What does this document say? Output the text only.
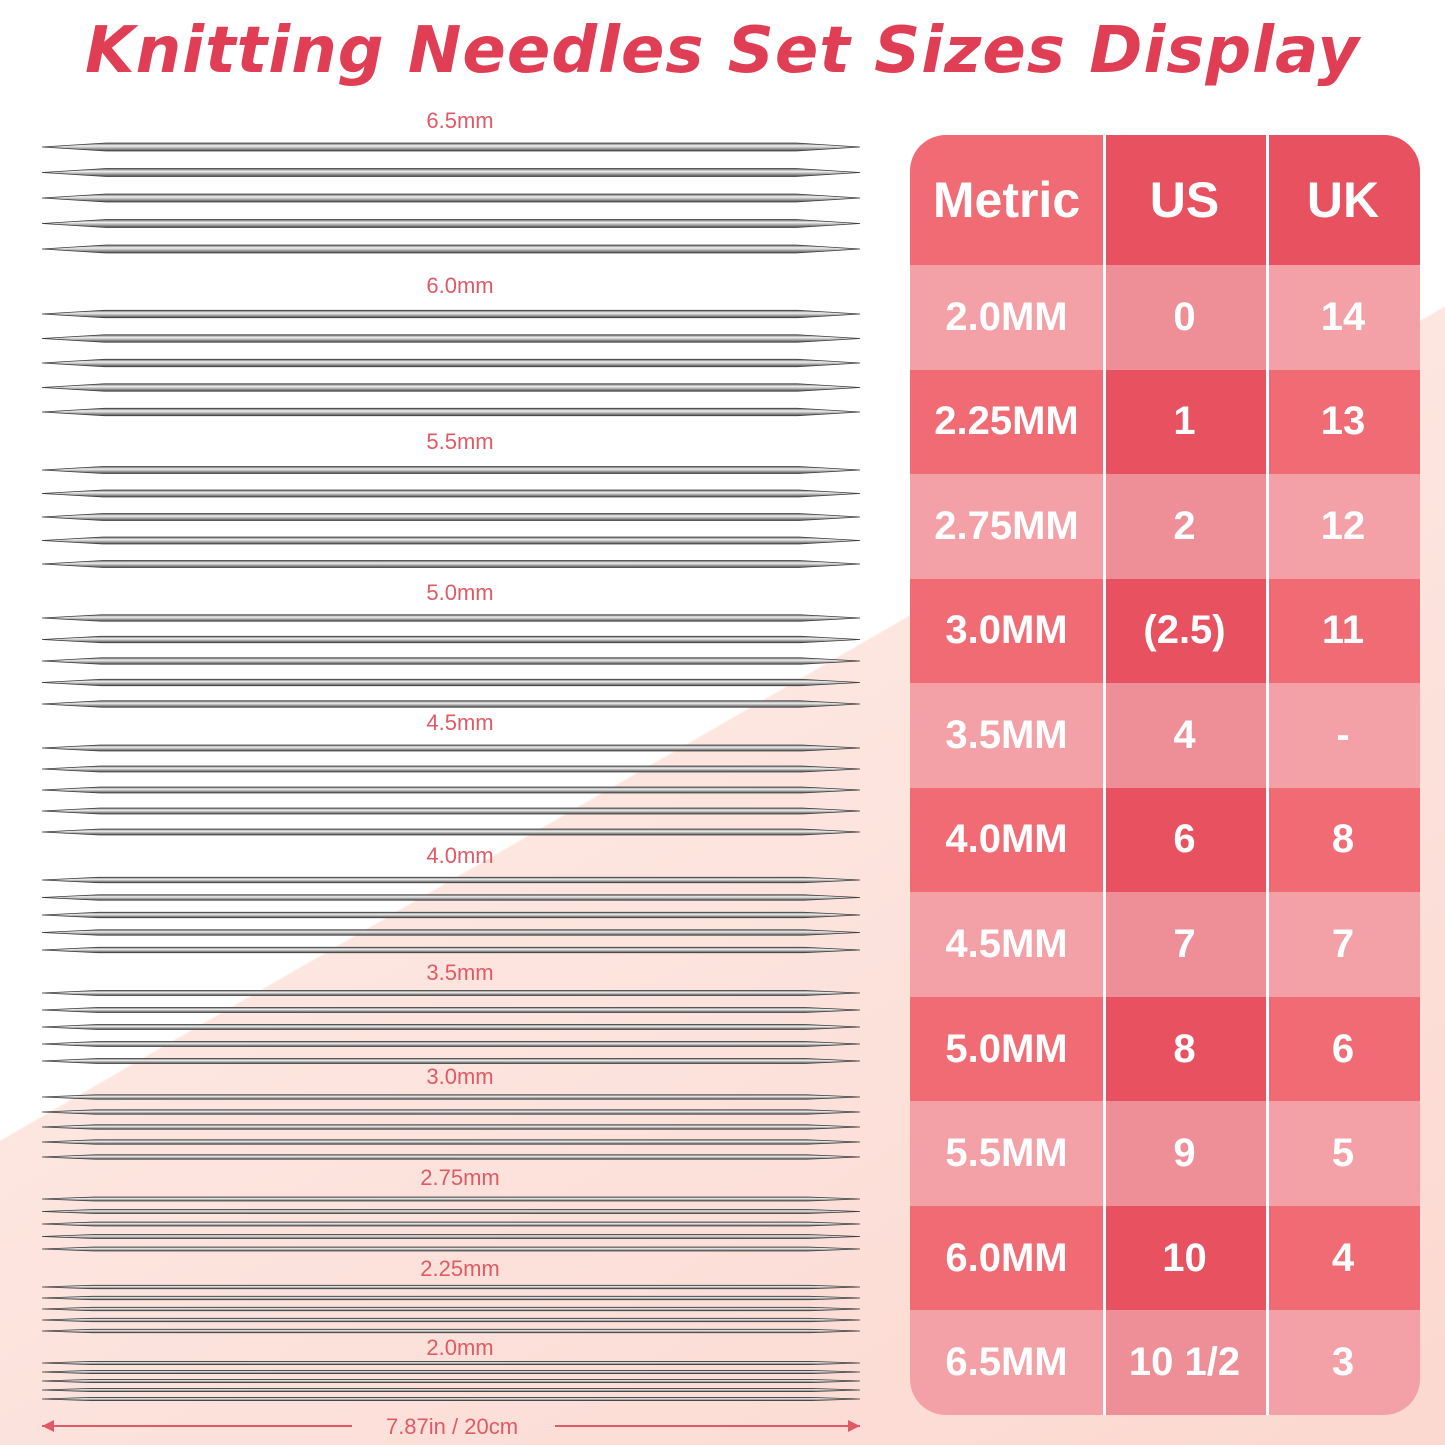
Knitting Needles Set Sizes Display
6.5mm
6.0mm
5.5mm
5.0mm
4.5mm
4.0mm
3.5mm
3.0mm
2.75mm
2.25mm
2.0mm
7.87in / 20cm
Metric	US	UK
2.0MM	0	14
2.25MM	1	13
2.75MM	2	12
3.0MM	(2.5)	11
3.5MM	4	-
4.0MM	6	8
4.5MM	7	7
5.0MM	8	6
5.5MM	9	5
6.0MM	10	4
6.5MM	10 1/2	3
